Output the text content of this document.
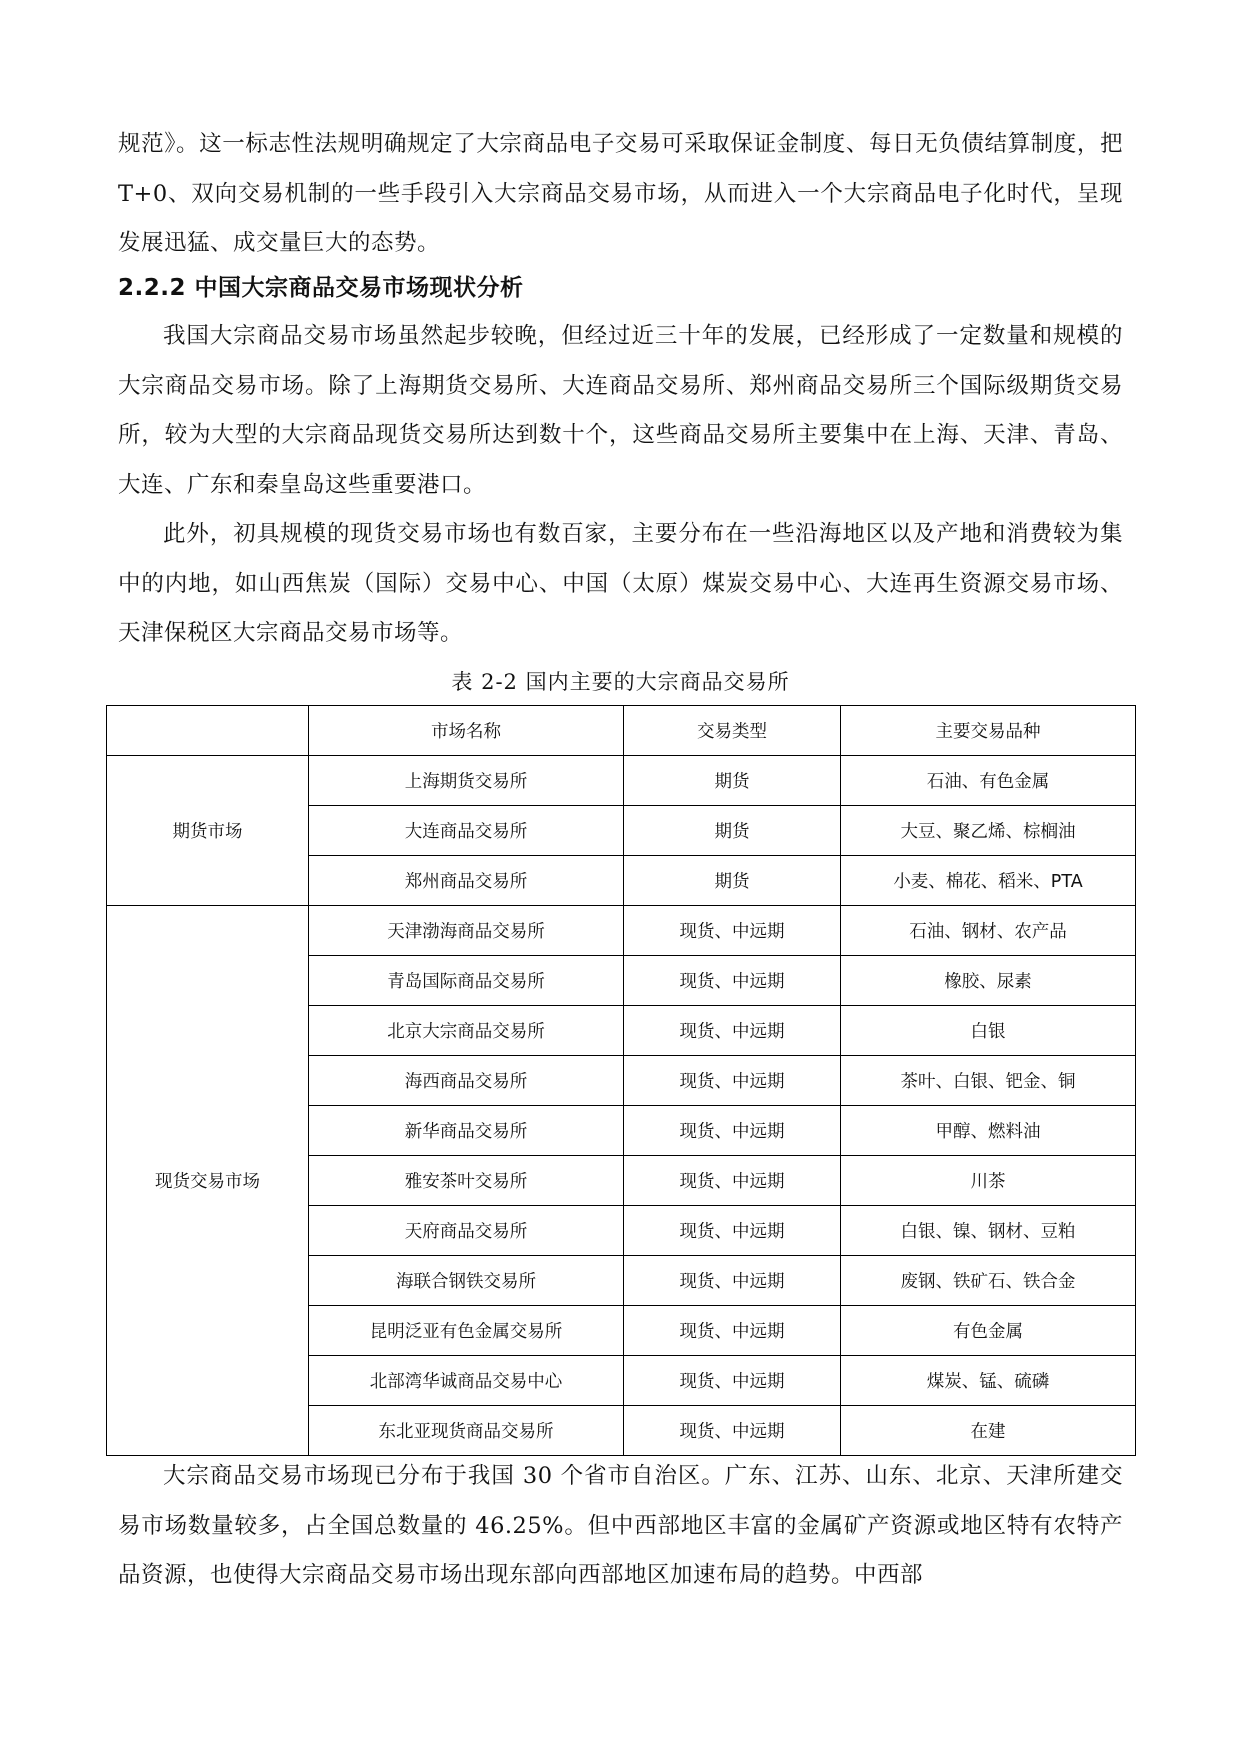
规范》。这一标志性法规明确规定了大宗商品电子交易可采取保证金制度、每日无负债结算制度，把 T+0、双向交易机制的一些手段引入大宗商品交易市场，从而进入一个大宗商品电子化时代，呈现发展迅猛、成交量巨大的态势。

2.2.2 中国大宗商品交易市场现状分析

我国大宗商品交易市场虽然起步较晚，但经过近三十年的发展，已经形成了一定数量和规模的大宗商品交易市场。除了上海期货交易所、大连商品交易所、郑州商品交易所三个国际级期货交易所，较为大型的大宗商品现货交易所达到数十个，这些商品交易所主要集中在上海、天津、青岛、大连、广东和秦皇岛这些重要港口。

此外，初具规模的现货交易市场也有数百家，主要分布在一些沿海地区以及产地和消费较为集中的内地，如山西焦炭（国际）交易中心、中国（太原）煤炭交易中心、大连再生资源交易市场、天津保税区大宗商品交易市场等。

表 2-2 国内主要的大宗商品交易所

	市场名称	交易类型	主要交易品种
期货市场	上海期货交易所	期货	石油、有色金属
	大连商品交易所	期货	大豆、聚乙烯、棕榈油
	郑州商品交易所	期货	小麦、棉花、稻米、PTA
现货交易市场	天津渤海商品交易所	现货、中远期	石油、钢材、农产品
	青岛国际商品交易所	现货、中远期	橡胶、尿素
	北京大宗商品交易所	现货、中远期	白银
	海西商品交易所	现货、中远期	茶叶、白银、钯金、铜
	新华商品交易所	现货、中远期	甲醇、燃料油
	雅安茶叶交易所	现货、中远期	川茶
	天府商品交易所	现货、中远期	白银、镍、钢材、豆粕
	海联合钢铁交易所	现货、中远期	废钢、铁矿石、铁合金
	昆明泛亚有色金属交易所	现货、中远期	有色金属
	北部湾华诚商品交易中心	现货、中远期	煤炭、锰、硫磷
	东北亚现货商品交易所	现货、中远期	在建

大宗商品交易市场现已分布于我国 30 个省市自治区。广东、江苏、山东、北京、天津所建交易市场数量较多，占全国总数量的 46.25%。但中西部地区丰富的金属矿产资源或地区特有农特产品资源，也使得大宗商品交易市场出现东部向西部地区加速布局的趋势。中西部
